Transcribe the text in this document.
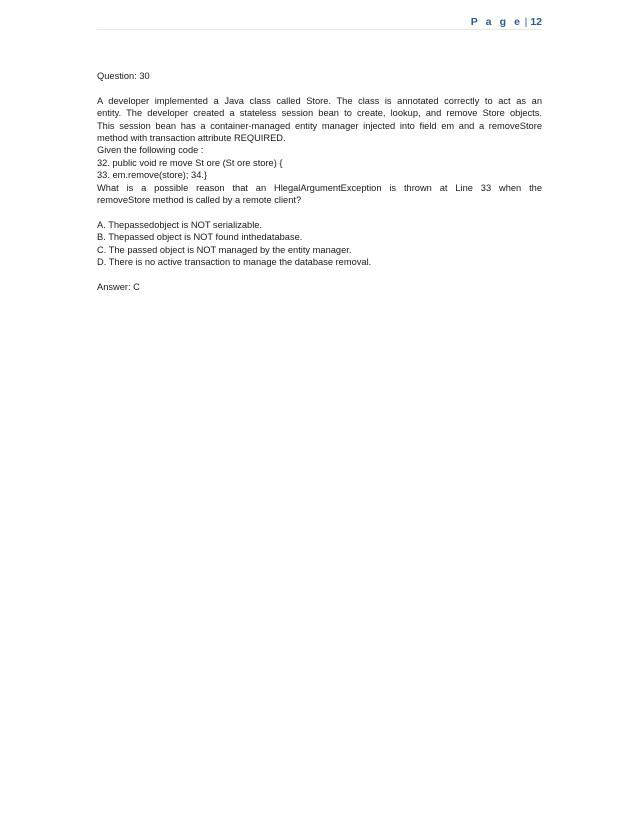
P a g e | 12

Question: 30

A developer implemented a Java class called Store. The class is annotated correctly to act as an

entity. The developer created a stateless session bean to create, lookup, and remove Store objects.

This session bean has a container-managed entity manager injected into field em and a removeStore

method with transaction attribute REQUIRED.

Given the following code :

32. public void re move St ore (St ore store) {

33. em.remove(store); 34.}

What is a possible reason that an HlegalArgumentException is thrown at Line 33 when the

removeStore method is called by a remote client?

A. Thepassedobject is NOT serializable.

B. Thepassed object is NOT found inthedatabase.

C. The passed object is NOT managed by the entity manager.

D. There is no active transaction to manage the database removal.

Answer: C
